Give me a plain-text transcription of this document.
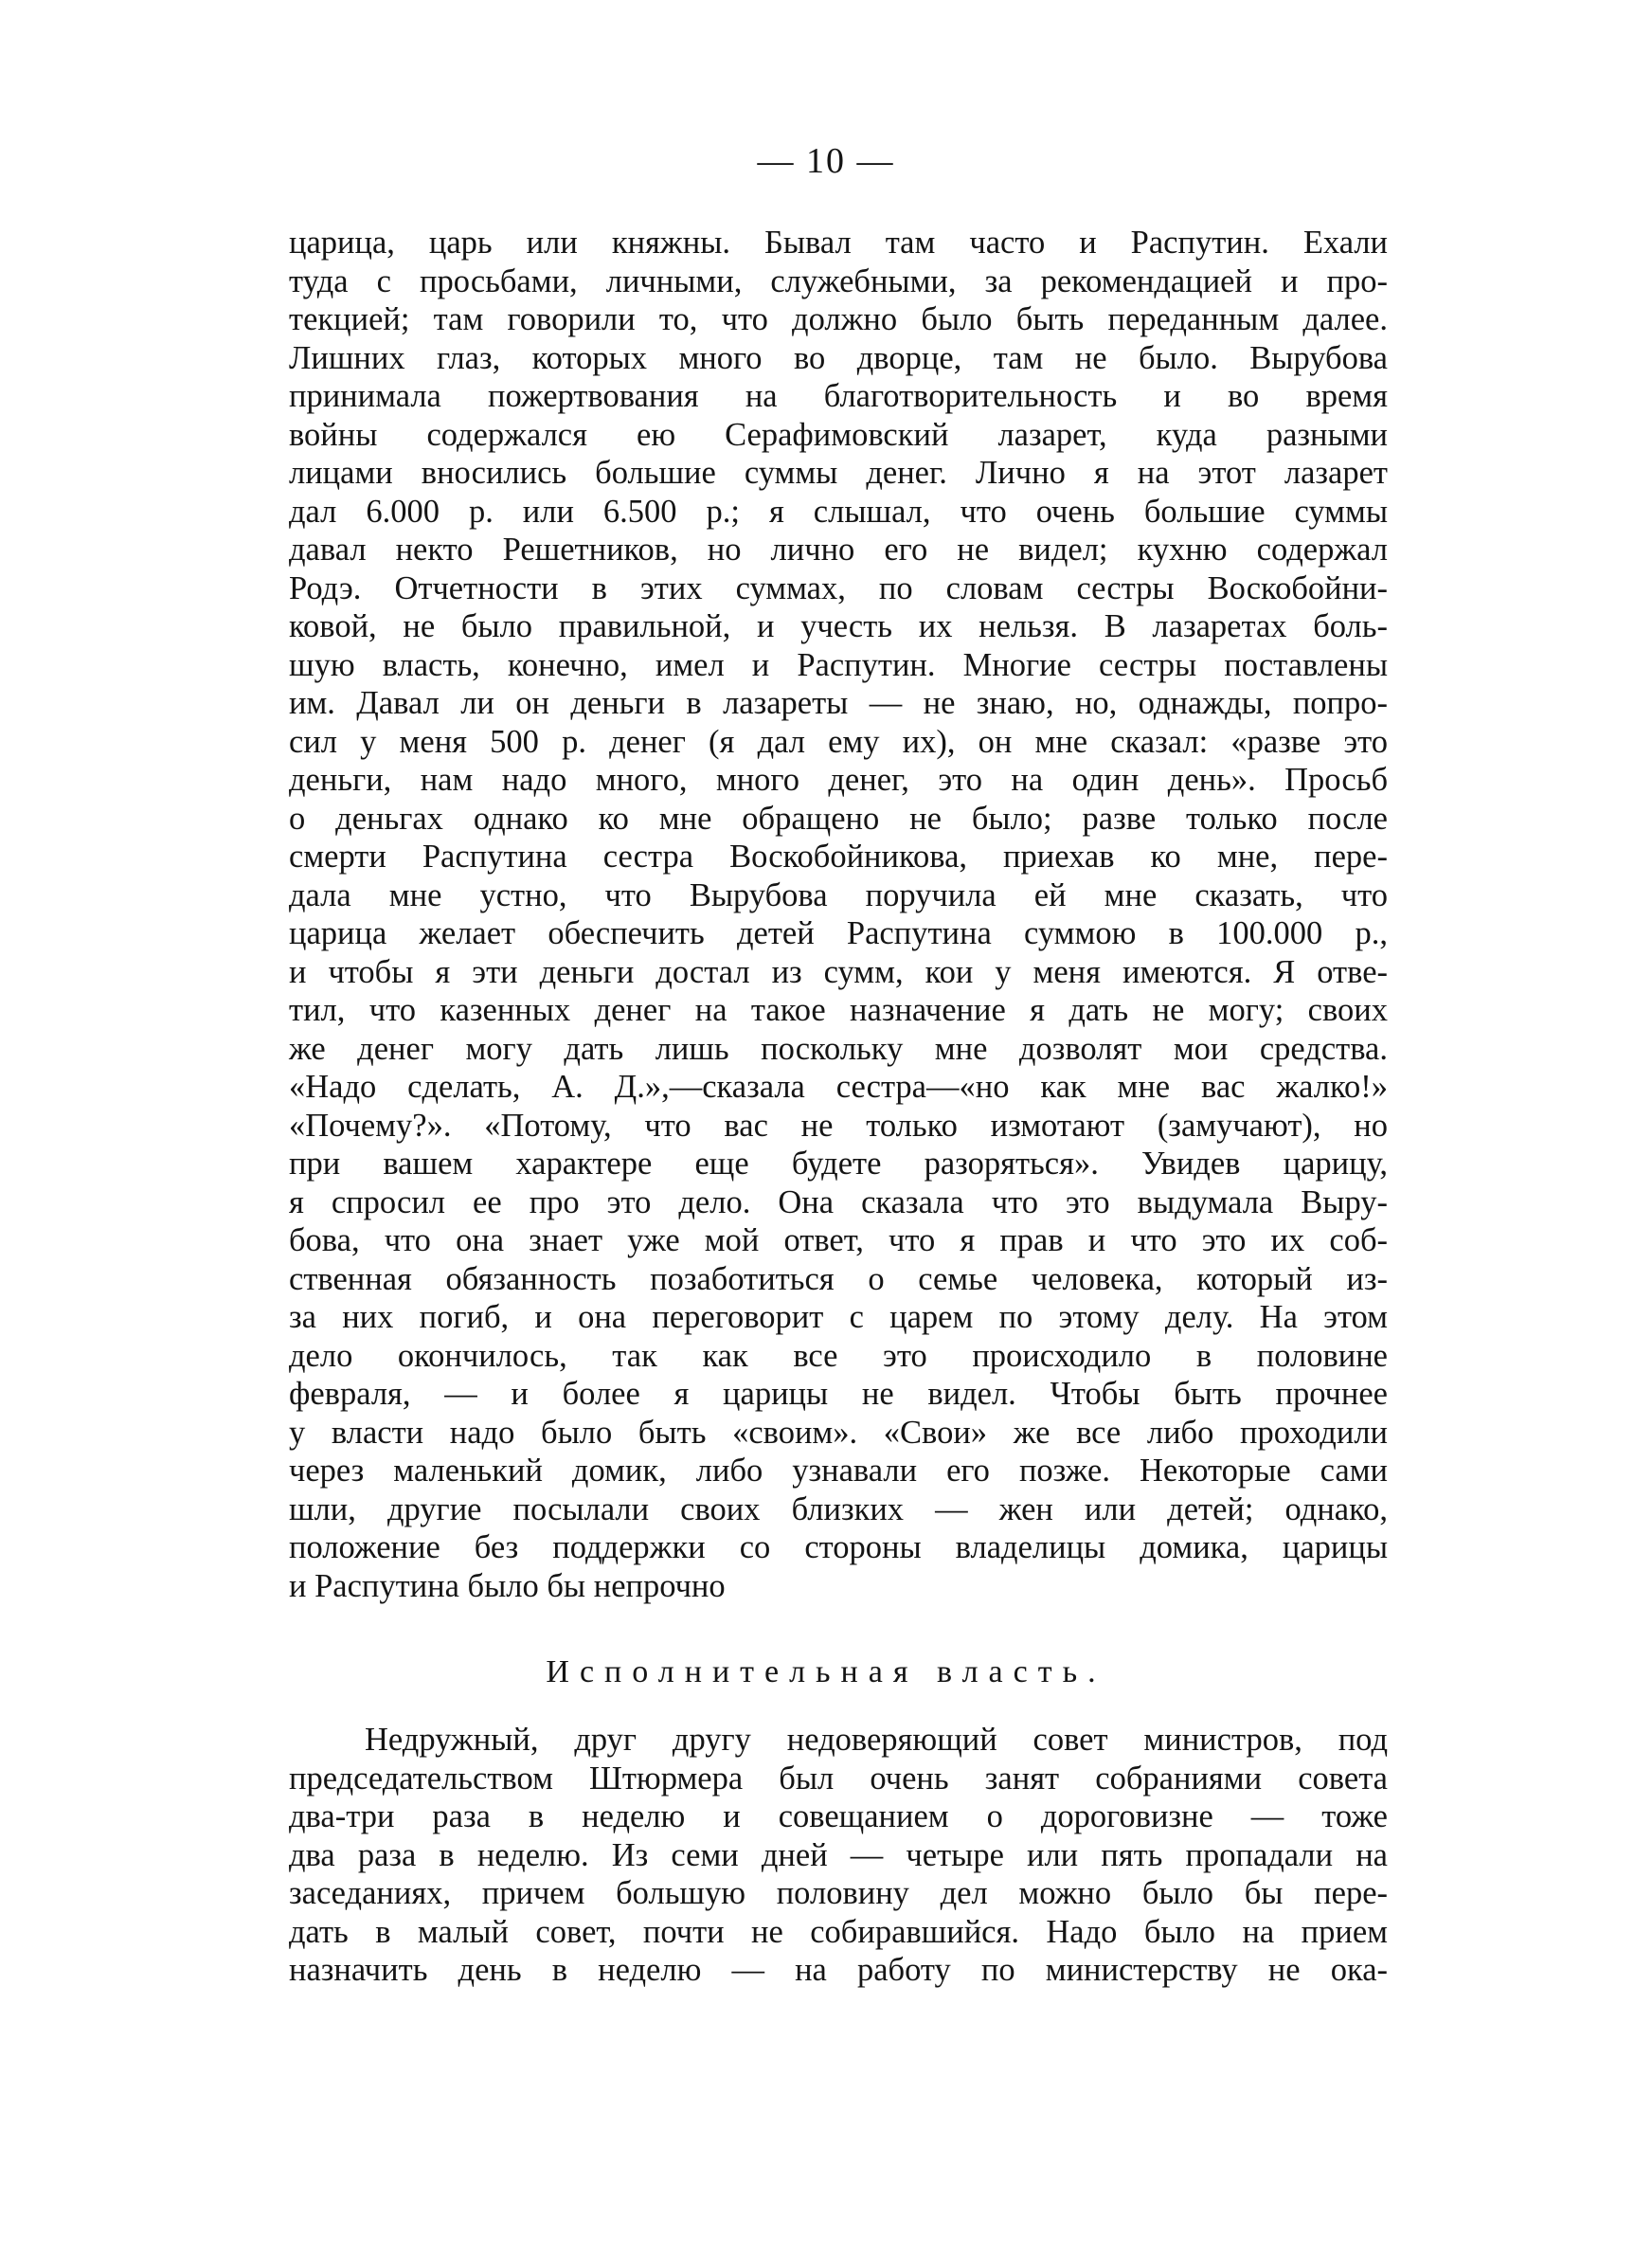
— 10 —
царица, царь или княжны. Бывал там часто и Распутин. Ехали
туда с просьбами, личными, служебными, за рекомендацией и про-
текцией; там говорили то, что должно было быть переданным далее.
Лишних глаз, которых много во дворце, там не было. Вырубова
принимала пожертвования на благотворительность и во время
войны содержался ею Серафимовский лазарет, куда разными
лицами вносились большие суммы денег. Лично я на этот лазарет
дал 6.000 р. или 6.500 р.; я слышал, что очень большие суммы
давал некто Решетников, но лично его не видел; кухню содержал
Родэ. Отчетности в этих суммах, по словам сестры Воскобойни-
ковой, не было правильной, и учесть их нельзя. В лазаретах боль-
шую власть, конечно, имел и Распутин. Многие сестры поставлены
им. Давал ли он деньги в лазареты — не знаю, но, однажды, попро-
сил у меня 500 р. денег (я дал ему их), он мне сказал: «разве это
деньги, нам надо много, много денег, это на один день». Просьб
о деньгах однако ко мне обращено не было; разве только после
смерти Распутина сестра Воскобойникова, приехав ко мне, пере-
дала мне устно, что Вырубова поручила ей мне сказать, что
царица желает обеспечить детей Распутина суммою в 100.000 р.,
и чтобы я эти деньги достал из сумм, кои у меня имеются. Я отве-
тил, что казенных денег на такое назначение я дать не могу; своих
же денег могу дать лишь поскольку мне дозволят мои средства.
«Надо сделать, А. Д.»,—сказала сестра—«но как мне вас жалко!»
«Почему?». «Потому, что вас не только измотают (замучают), но
при вашем характере еще будете разоряться». Увидев царицу,
я спросил ее про это дело. Она сказала что это выдумала Выру-
бова, что она знает уже мой ответ, что я прав и что это их соб-
ственная обязанность позаботиться о семье человека, который из-
за них погиб, и она переговорит с царем по этому делу. На этом
дело окончилось, так как все это происходило в половине
февраля, — и более я царицы не видел. Чтобы быть прочнее
у власти надо было быть «своим». «Свои» же все либо проходили
через маленький домик, либо узнавали его позже. Некоторые сами
шли, другие посылали своих близких — жен или детей; однако,
положение без поддержки со стороны владелицы домика, царицы
и Распутина было бы непрочно
Исполнительная власть.
Недружный, друг другу недоверяющий совет министров, под
председательством Штюрмера был очень занят собраниями совета
два-три раза в неделю и совещанием о дороговизне — тоже
два раза в неделю. Из семи дней — четыре или пять пропадали на
заседаниях, причем большую половину дел можно было бы пере-
дать в малый совет, почти не собиравшийся. Надо было на прием
назначить день в неделю — на работу по министерству не ока-
